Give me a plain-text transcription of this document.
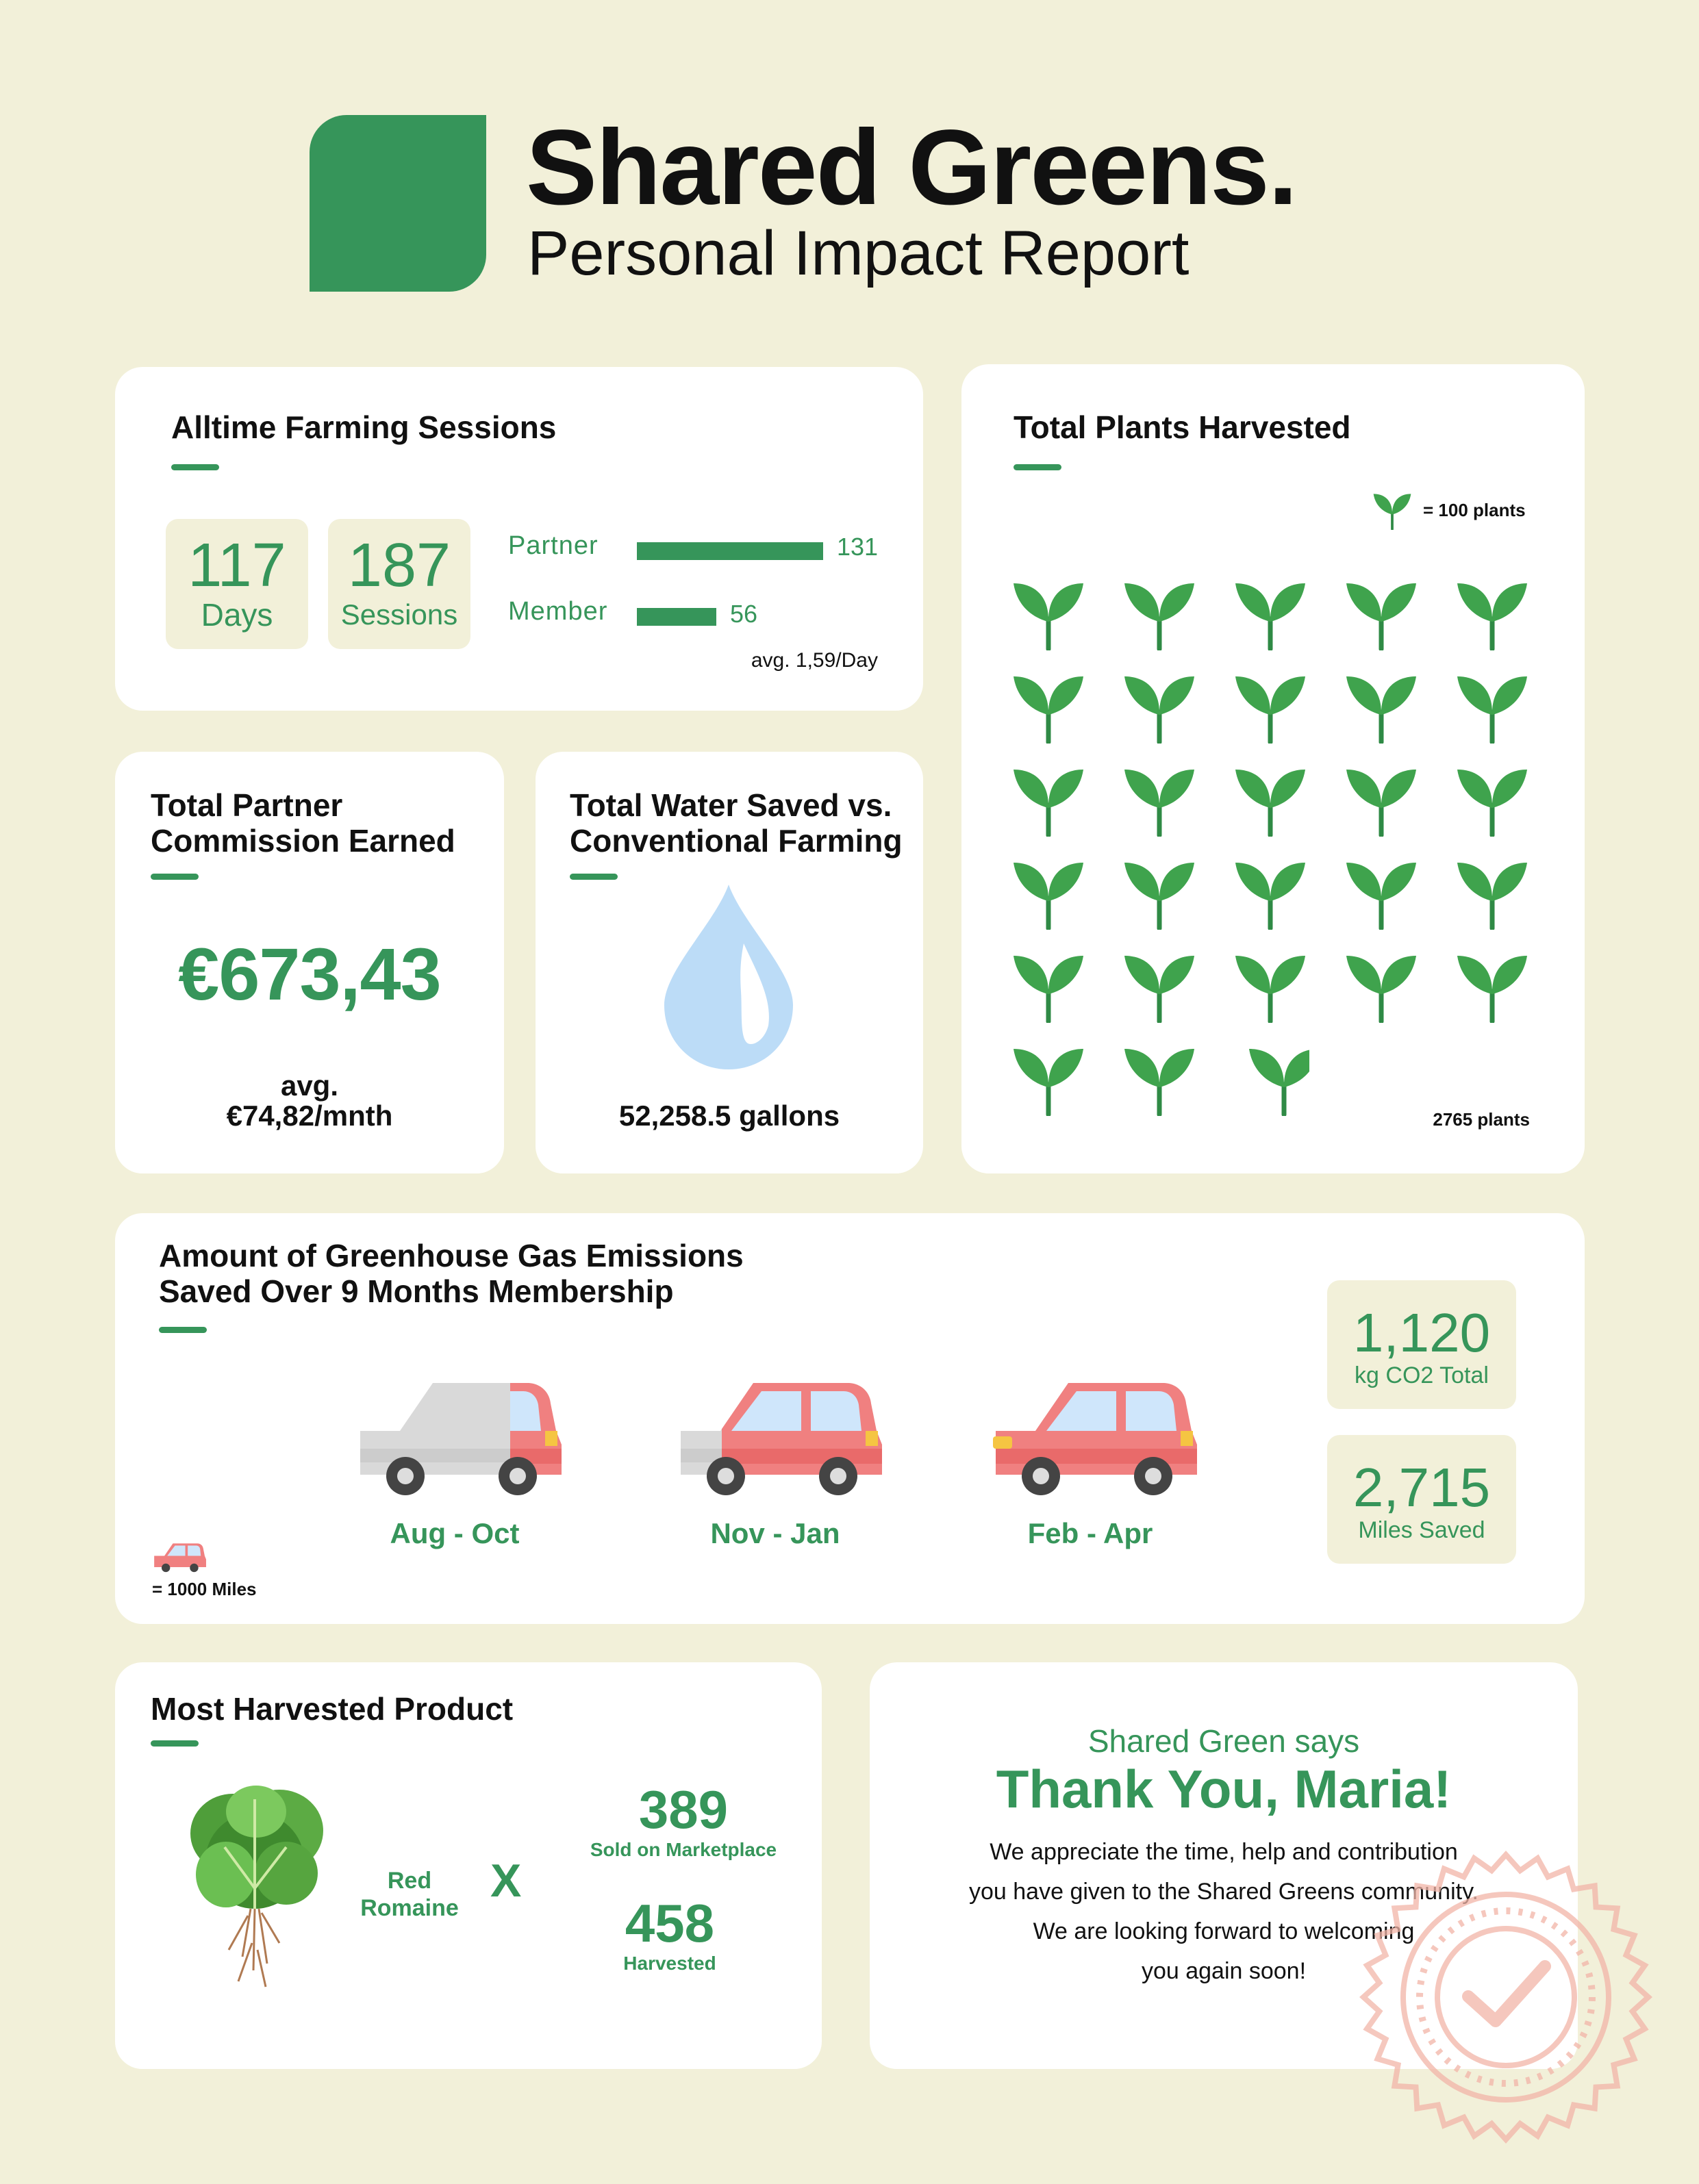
Shared Greens.
Personal Impact Report
Alltime Farming Sessions
117
Days
187
Sessions
Partner	131
Member	56
avg. 1,59/Day
Total Plants Harvested
= 100 plants
2765 plants
Total Partner Commission Earned
€673,43
avg.
€74,82/mnth
Total Water Saved vs. Conventional Farming
52,258.5 gallons
Amount of Greenhouse Gas Emissions Saved Over 9 Months Membership
= 1000 Miles
Aug - Oct	Nov - Jan	Feb - Apr
1,120
kg CO2 Total
2,715
Miles Saved
Most Harvested Product
Red
Romaine
X
389
Sold on Marketplace
458
Harvested
Shared Green says
Thank You, Maria!
We appreciate the time, help and contribution
you have given to the Shared Greens community.
We are looking forward to welcoming
you again soon!
